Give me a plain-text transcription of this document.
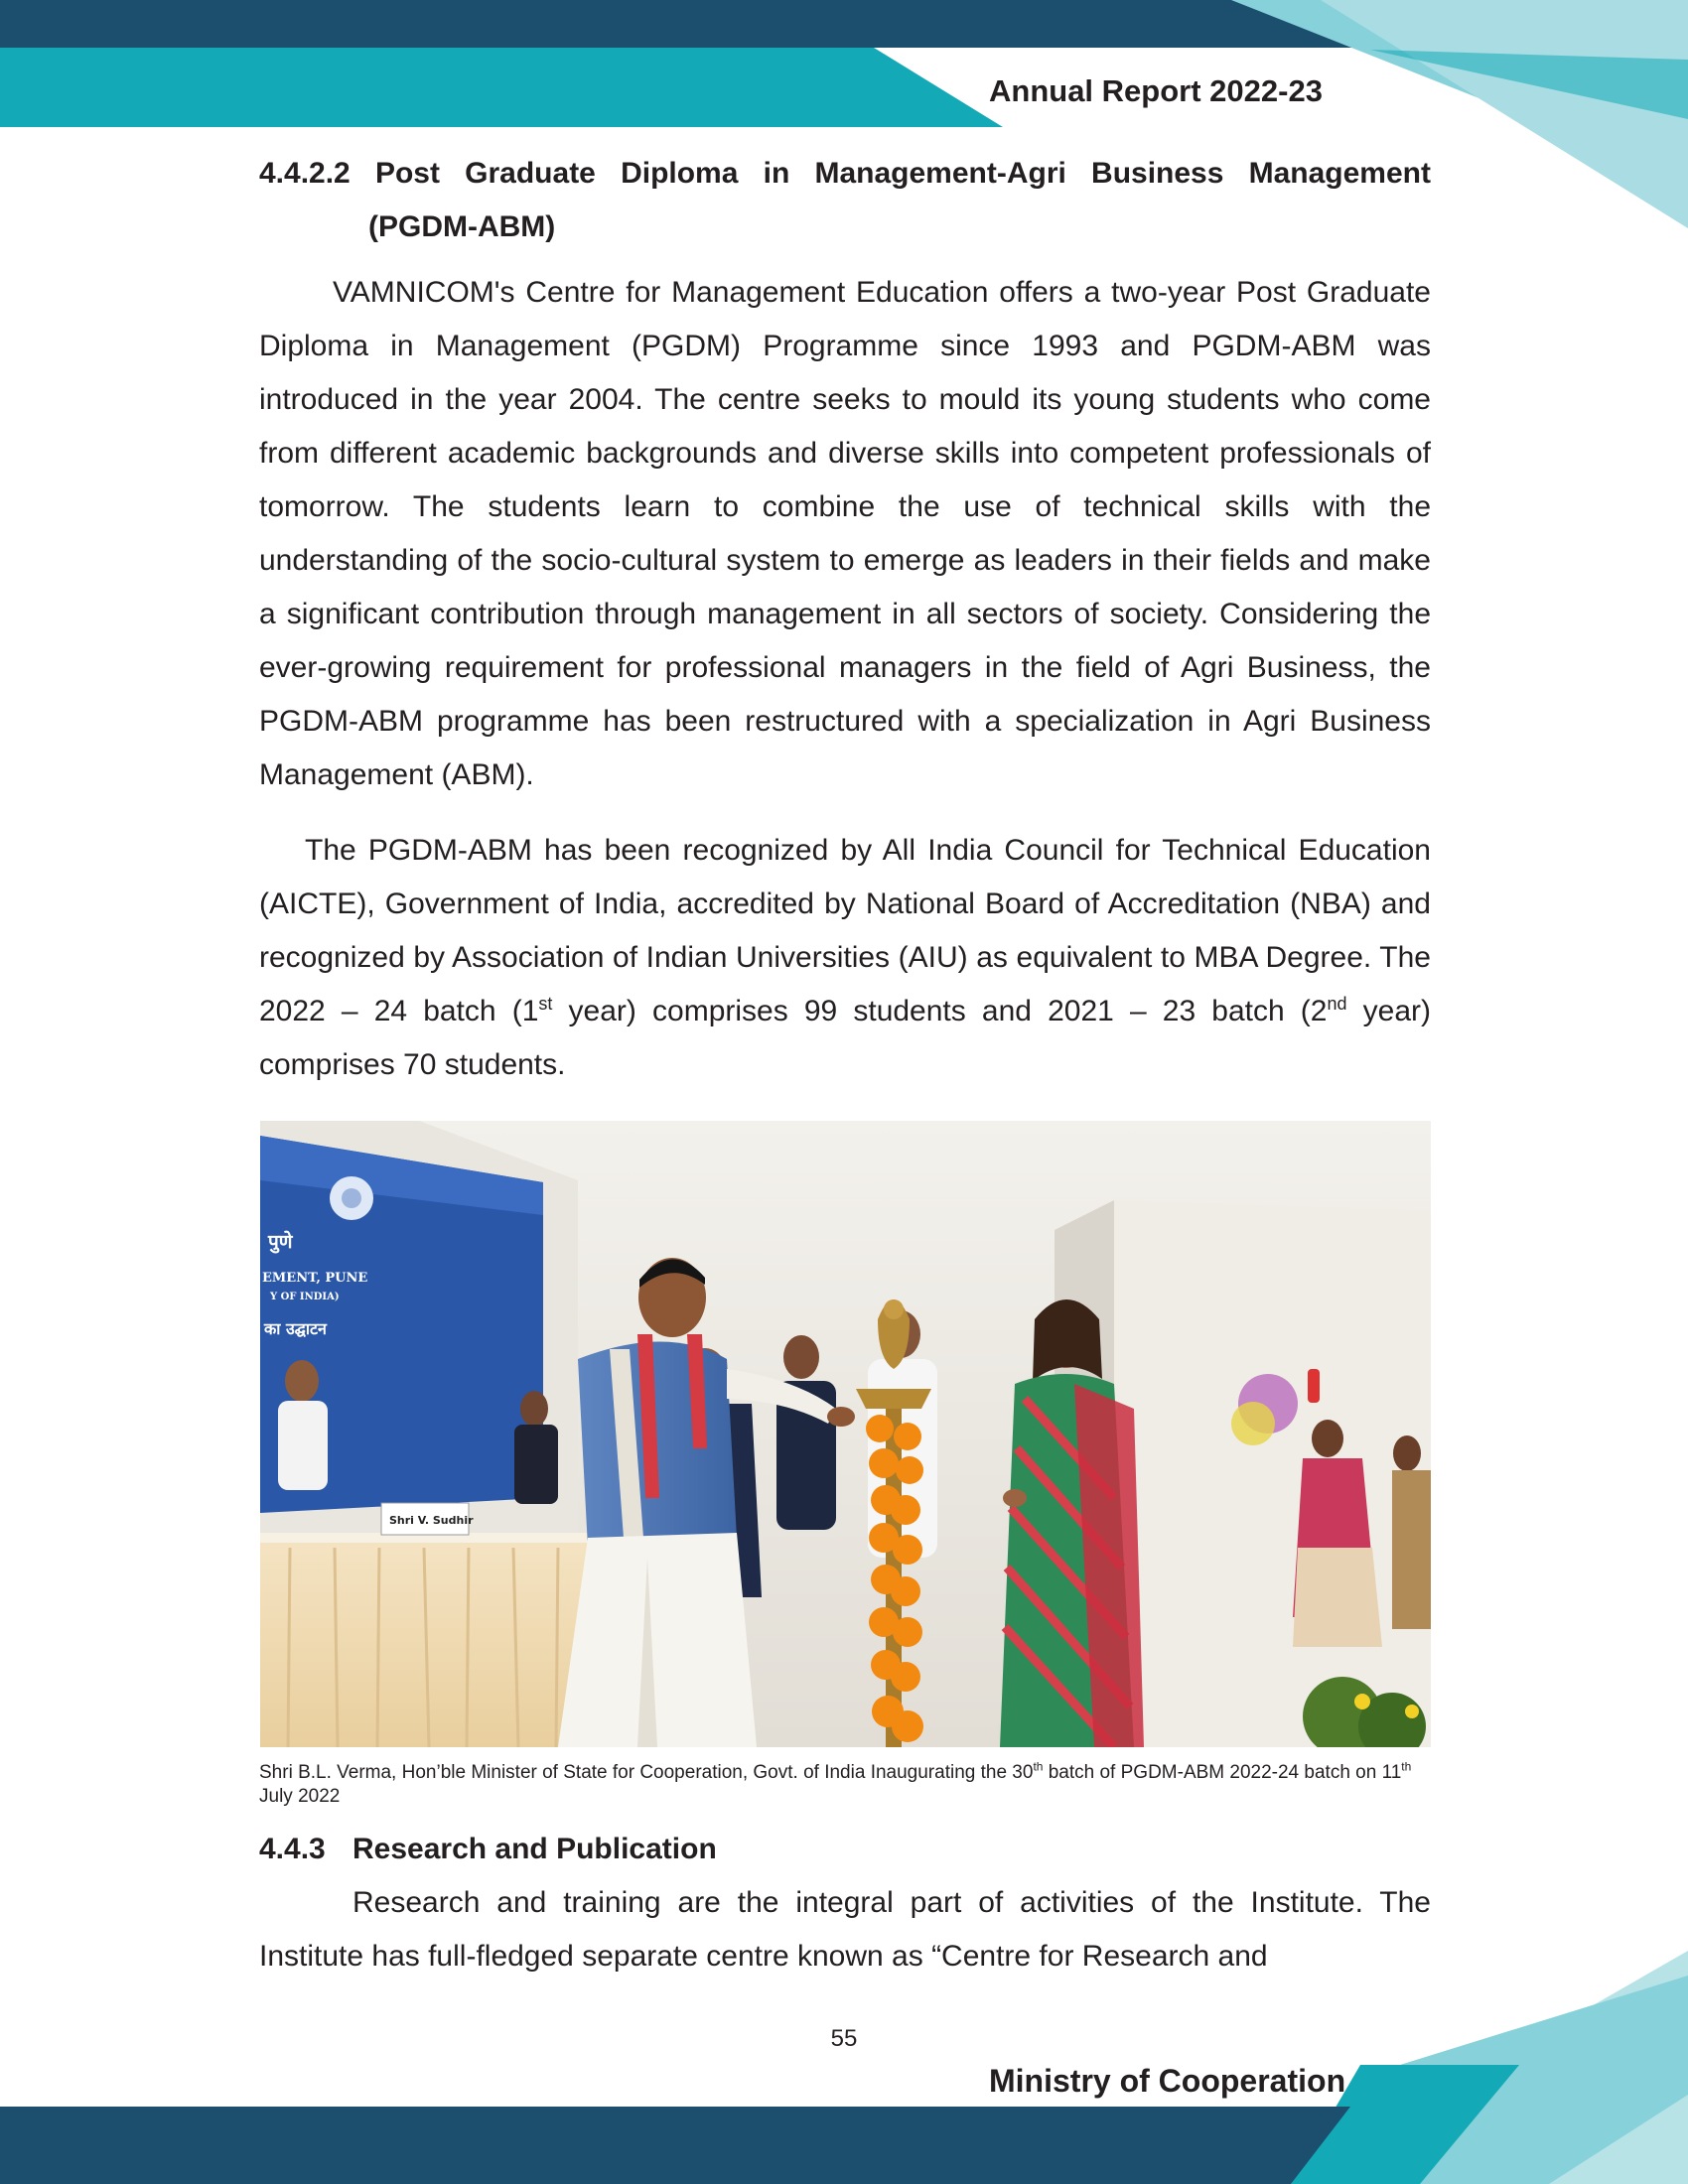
Annual Report 2022-23
4.4.2.2 Post Graduate Diploma in Management-Agri Business Management
(PGDM-ABM)

VAMNICOM's Centre for Management Education offers a two-year Post Graduate Diploma in Management (PGDM) Programme since 1993 and PGDM-ABM was introduced in the year 2004. The centre seeks to mould its young students who come from different academic backgrounds and diverse skills into competent professionals of tomorrow. The students learn to combine the use of technical skills with the understanding of the socio-cultural system to emerge as leaders in their fields and make a significant contribution through management in all sectors of society. Considering the ever-growing requirement for professional managers in the field of Agri Business, the PGDM-ABM programme has been restructured with a specialization in Agri Business Management (ABM).

The PGDM-ABM has been recognized by All India Council for Technical Education (AICTE), Government of India, accredited by National Board of Accreditation (NBA) and recognized by Association of Indian Universities (AIU) as equivalent to MBA Degree. The 2022 – 24 batch (1st year) comprises 99 students and 2021 – 23 batch (2nd year) comprises 70 students.

पुणे
EMENT, PUNE
Y OF INDIA)
का उद्घाटन
Shri V. Sudhir
Shri B.L. Verma, Hon’ble Minister of State for Cooperation, Govt. of India Inaugurating the 30th batch of PGDM-ABM 2022-24 batch on 11th July 2022
4.4.3 Research and Publication

Research and training are the integral part of activities of the Institute. The Institute has full-fledged separate centre known as “Centre for Research and

55
Ministry of Cooperation
